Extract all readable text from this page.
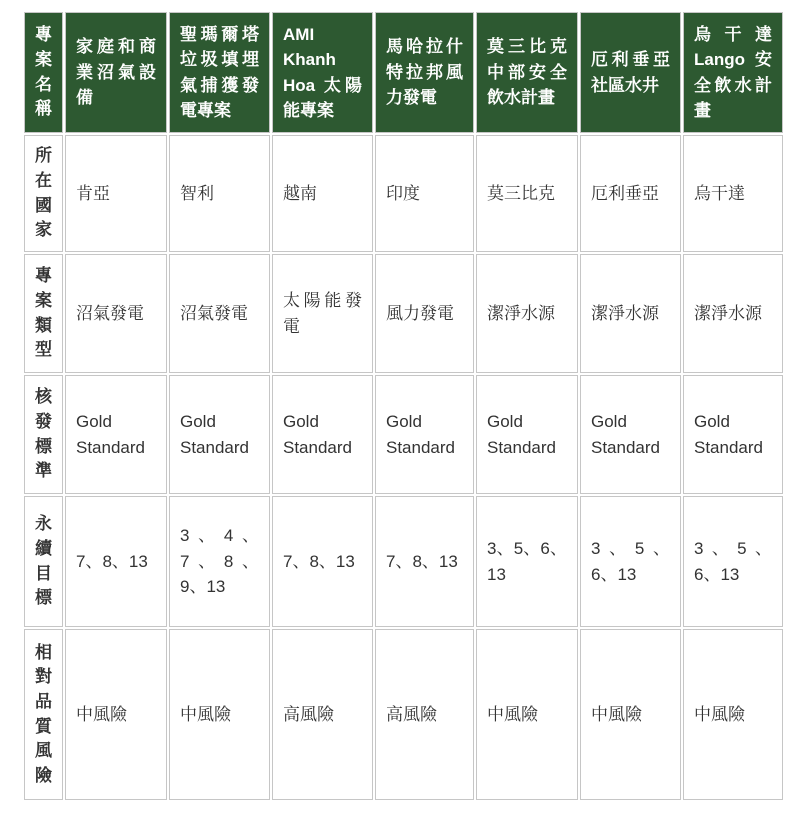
專案名稱	家庭和商業沼氣設備	聖瑪爾塔垃圾填埋氣捕獲發電專案	AMI Khanh Hoa 太陽能專案	馬哈拉什特拉邦風力發電	莫三比克中部安全飲水計畫	厄利垂亞社區水井	烏干達 Lango 安全飲水計畫
所在國家	肯亞	智利	越南	印度	莫三比克	厄利垂亞	烏干達
專案類型	沼氣發電	沼氣發電	太陽能發電	風力發電	潔淨水源	潔淨水源	潔淨水源
核發標準	Gold Standard	Gold Standard	Gold Standard	Gold Standard	Gold Standard	Gold Standard	Gold Standard
永續目標	7、8、13	3、4、7、8、9、13	7、8、13	7、8、13	3、5、6、13	3、5、6、13	3、5、6、13
相對品質風險	中風險	中風險	高風險	高風險	中風險	中風險	中風險
